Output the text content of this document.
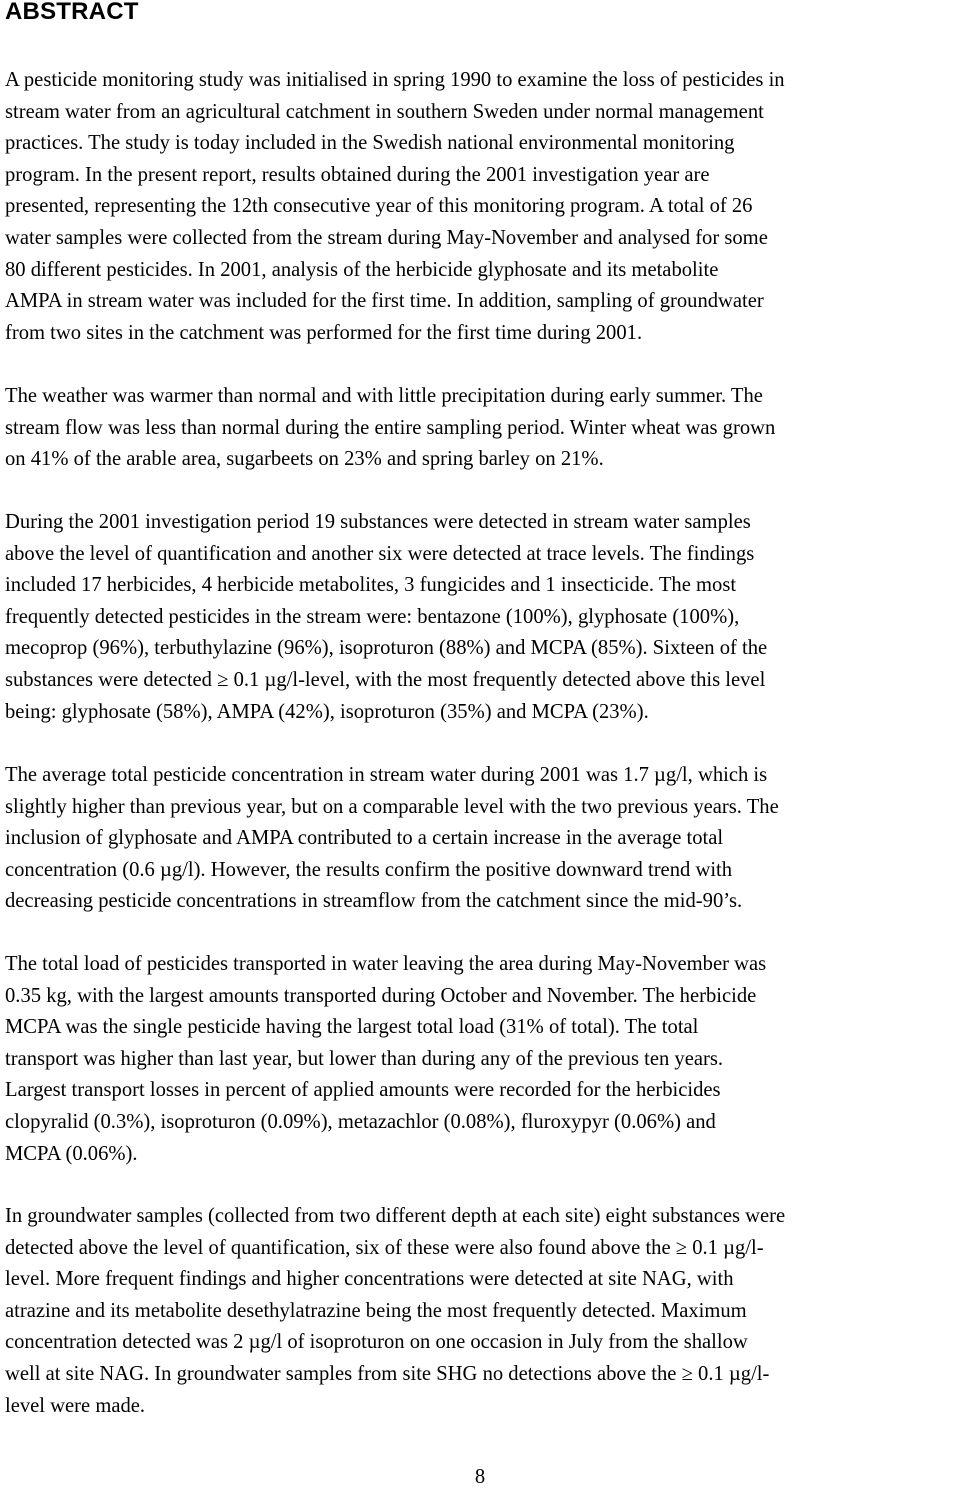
ABSTRACT
A pesticide monitoring study was initialised in spring 1990 to examine the loss of pesticides in
stream water from an agricultural catchment in southern Sweden under normal management
practices. The study is today included in the Swedish national environmental monitoring
program. In the present report, results obtained during the 2001 investigation year are
presented, representing the 12th consecutive year of this monitoring program. A total of 26
water samples were collected from the stream during May-November and analysed for some
80 different pesticides. In 2001, analysis of the herbicide glyphosate and its metabolite
AMPA in stream water was included for the first time. In addition, sampling of groundwater
from two sites in the catchment was performed for the first time during 2001.
The weather was warmer than normal and with little precipitation during early summer. The
stream flow was less than normal during the entire sampling period. Winter wheat was grown
on 41% of the arable area, sugarbeets on 23% and spring barley on 21%.
During the 2001 investigation period 19 substances were detected in stream water samples
above the level of quantification and another six were detected at trace levels. The findings
included 17 herbicides, 4 herbicide metabolites, 3 fungicides and 1 insecticide. The most
frequently detected pesticides in the stream were: bentazone (100%), glyphosate (100%),
mecoprop (96%), terbuthylazine (96%), isoproturon (88%) and MCPA (85%). Sixteen of the
substances were detected ≥ 0.1 µg/l-level, with the most frequently detected above this level
being: glyphosate (58%), AMPA (42%), isoproturon (35%) and MCPA (23%).
The average total pesticide concentration in stream water during 2001 was 1.7 µg/l, which is
slightly higher than previous year, but on a comparable level with the two previous years. The
inclusion of glyphosate and AMPA contributed to a certain increase in the average total
concentration (0.6 µg/l). However, the results confirm the positive downward trend with
decreasing pesticide concentrations in streamflow from the catchment since the mid-90’s.
The total load of pesticides transported in water leaving the area during May-November was
0.35 kg, with the largest amounts transported during October and November. The herbicide
MCPA was the single pesticide having the largest total load (31% of total). The total
transport was higher than last year, but lower than during any of the previous ten years.
Largest transport losses in percent of applied amounts were recorded for the herbicides
clopyralid (0.3%), isoproturon (0.09%), metazachlor (0.08%), fluroxypyr (0.06%) and
MCPA (0.06%).
In groundwater samples (collected from two different depth at each site) eight substances were
detected above the level of quantification, six of these were also found above the ≥ 0.1 µg/l-
level. More frequent findings and higher concentrations were detected at site NAG, with
atrazine and its metabolite desethylatrazine being the most frequently detected. Maximum
concentration detected was 2 µg/l of isoproturon on one occasion in July from the shallow
well at site NAG. In groundwater samples from site SHG no detections above the ≥ 0.1 µg/l-
level were made.
8
